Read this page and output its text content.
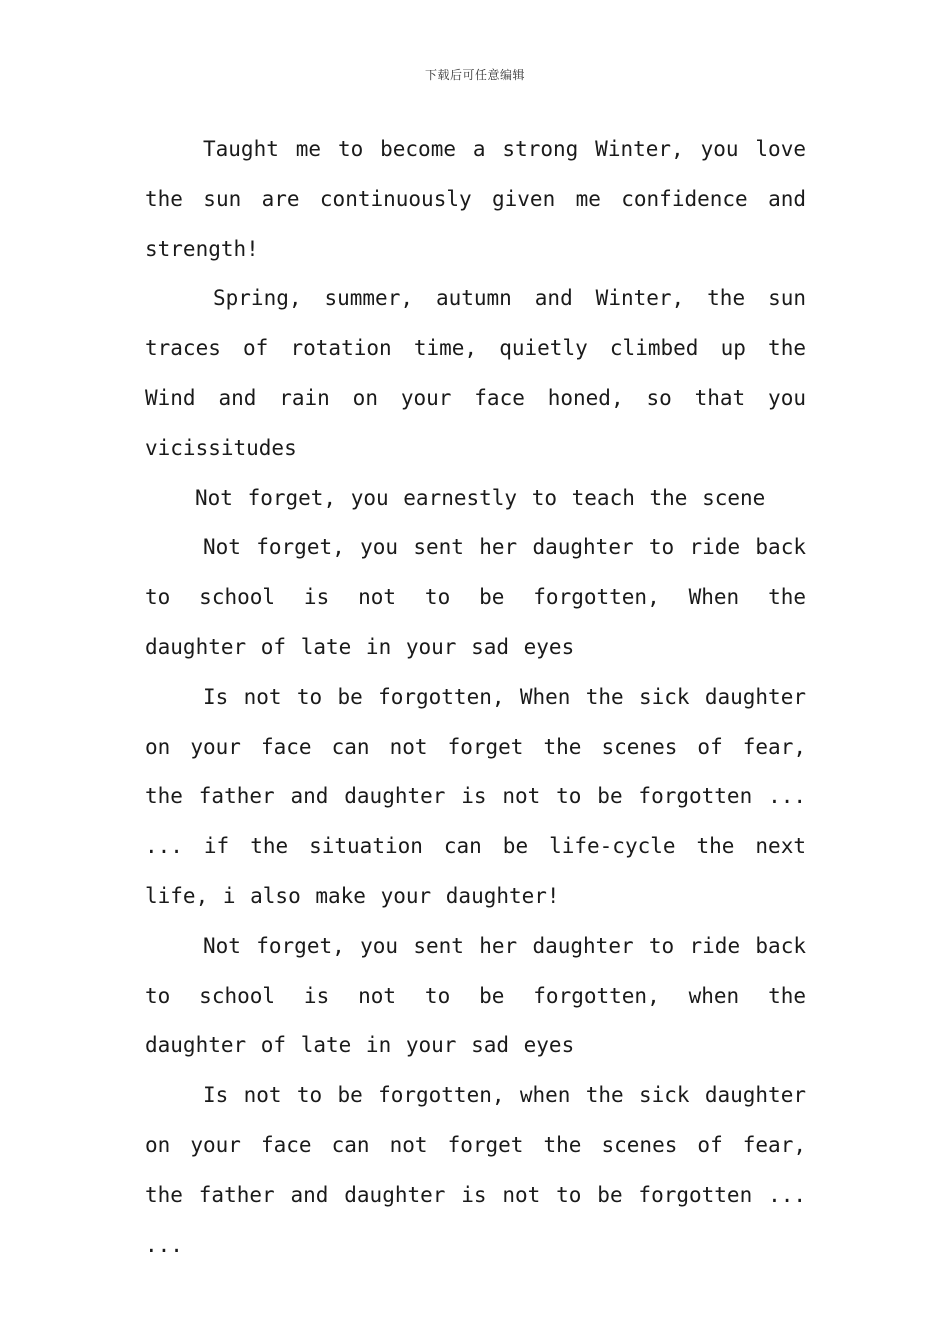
下载后可任意编辑

Taught me to become a strong Winter, you love the sun are continuously given me confidence and strength!

Spring, summer, autumn and Winter, the sun traces of rotation time, quietly climbed up the Wind and rain on your face honed, so that you vicissitudes

Not forget, you earnestly to teach the scene

Not forget, you sent her daughter to ride back to school is not to be forgotten, When the daughter of late in your sad eyes

Is not to be forgotten, When the sick daughter on your face can not forget the scenes of fear, the father and daughter is not to be forgotten ... ... if the situation can be life-cycle the next life, i also make your daughter!

Not forget, you sent her daughter to ride back to school is not to be forgotten, when the daughter of late in your sad eyes

Is not to be forgotten, when the sick daughter on your face can not forget the scenes of fear, the father and daughter is not to be forgotten ... ...
